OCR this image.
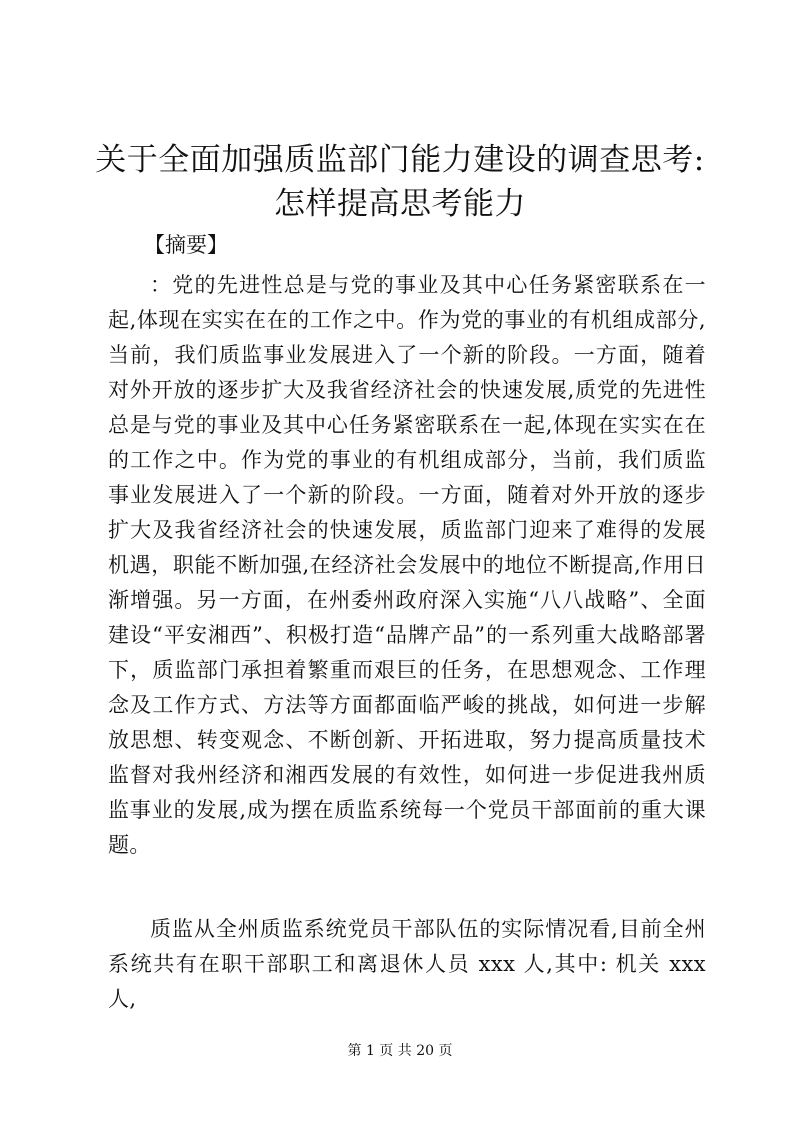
关于全面加强质监部门能力建设的调查思考:
怎样提高思考能力

【摘要】

：党的先进性总是与党的事业及其中心任务紧密联系在一起,体现在实实在在的工作之中。作为党的事业的有机组成部分,当前，我们质监事业发展进入了一个新的阶段。一方面，随着对外开放的逐步扩大及我省经济社会的快速发展,质党的先进性总是与党的事业及其中心任务紧密联系在一起,体现在实实在在的工作之中。作为党的事业的有机组成部分，当前，我们质监事业发展进入了一个新的阶段。一方面，随着对外开放的逐步扩大及我省经济社会的快速发展，质监部门迎来了难得的发展机遇，职能不断加强,在经济社会发展中的地位不断提高,作用日渐增强。另一方面，在州委州政府深入实施“八八战略”、全面建设“平安湘西”、积极打造“品牌产品”的一系列重大战略部署下，质监部门承担着繁重而艰巨的任务，在思想观念、工作理念及工作方式、方法等方面都面临严峻的挑战，如何进一步解放思想、转变观念、不断创新、开拓进取，努力提高质量技术监督对我州经济和湘西发展的有效性，如何进一步促进我州质监事业的发展,成为摆在质监系统每一个党员干部面前的重大课题。

质监从全州质监系统党员干部队伍的实际情况看,目前全州系统共有在职干部职工和离退休人员 xxx 人,其中: 机关 xxx 人,

第 1 页 共 20 页
